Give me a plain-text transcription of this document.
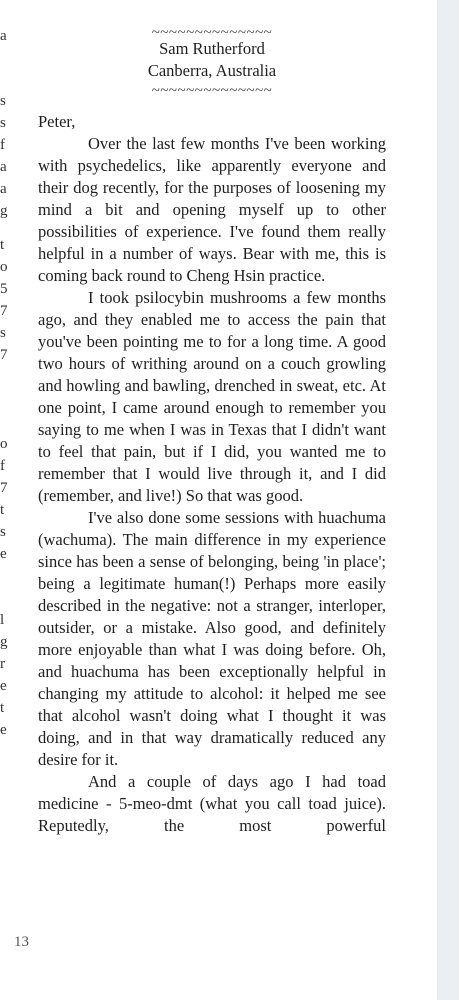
a
s
s
f
a
a
g
t
o
5
7
s
7
o
f
7
t
s
e
l
g
r
e
t
e
~~~~~~~~~~~~~~
Sam Rutherford
Canberra, Australia
~~~~~~~~~~~~~~

Peter,

Over the last few months I've been working with psychedelics, like apparently everyone and their dog recently, for the purposes of loosening my mind a bit and opening myself up to other possibilities of experience. I've found them really helpful in a number of ways. Bear with me, this is coming back round to Cheng Hsin practice.

I took psilocybin mushrooms a few months ago, and they enabled me to access the pain that you've been pointing me to for a long time. A good two hours of writhing around on a couch growling and howling and bawling, drenched in sweat, etc. At one point, I came around enough to remember you saying to me when I was in Texas that I didn't want to feel that pain, but if I did, you wanted me to remember that I would live through it, and I did (remember, and live!) So that was good.

I've also done some sessions with huachuma (wachuma). The main difference in my experience since has been a sense of belonging, being 'in place'; being a legitimate human(!) Perhaps more easily described in the negative: not a stranger, interloper, outsider, or a mistake. Also good, and definitely more enjoyable than what I was doing before. Oh, and huachuma has been exceptionally helpful in changing my attitude to alcohol: it helped me see that alcohol wasn't doing what I thought it was doing, and in that way dramatically reduced any desire for it.

And a couple of days ago I had toad medicine - 5-meo-dmt (what you call toad juice). Reputedly, the most powerful

13
